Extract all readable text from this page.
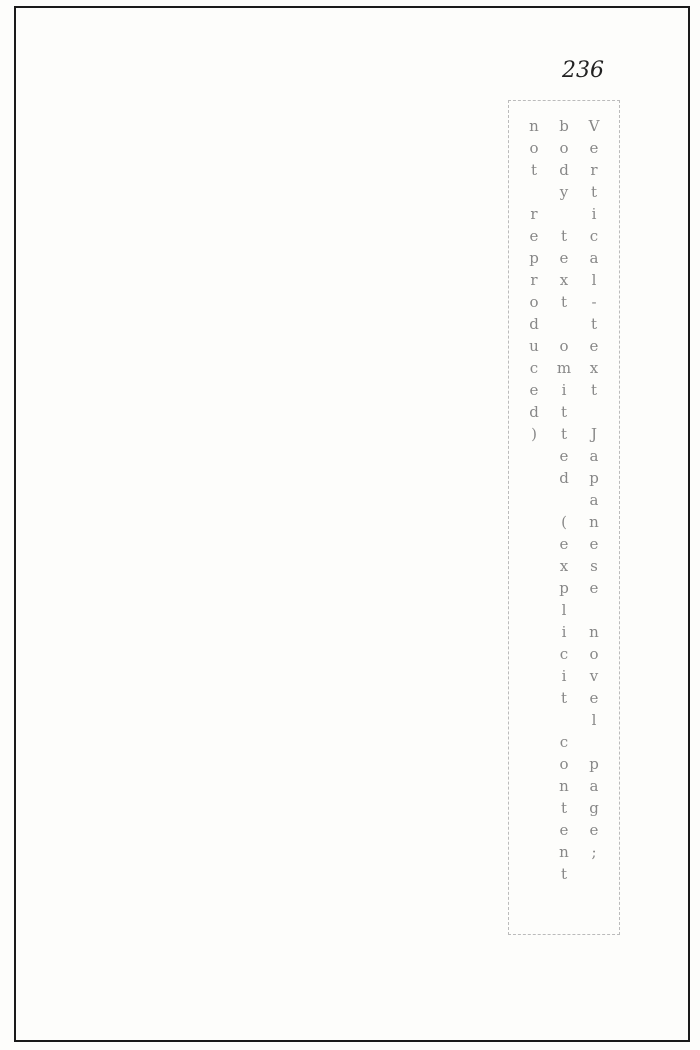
236
Vertical-text Japanese novel page; body text omitted (explicit content not reproduced)
